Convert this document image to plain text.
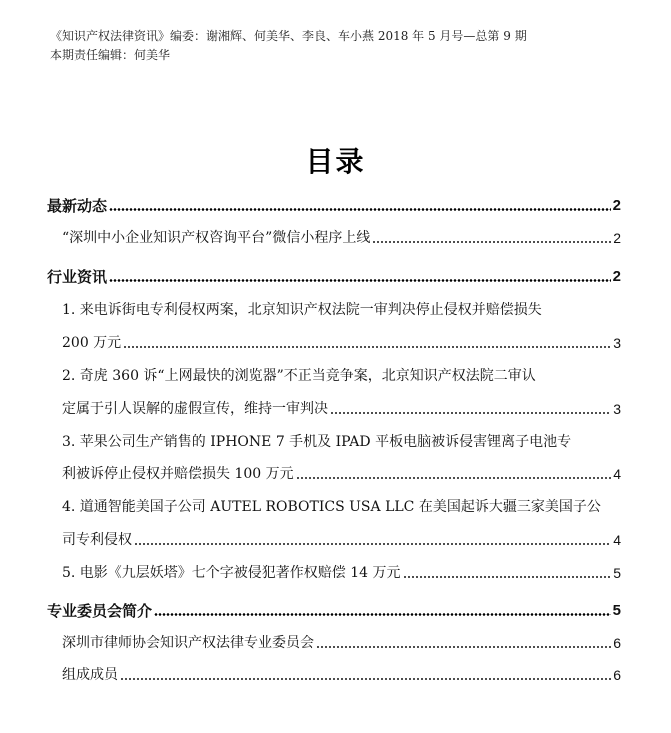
《知识产权法律资讯》编委：谢湘辉、何美华、李良、车小燕 2018 年 5 月号—总第 9 期
本期责任编辑：何美华
目录
最新动态	2
“深圳中小企业知识产权咨询平台”微信小程序上线	2
行业资讯	2
1. 来电诉街电专利侵权两案，北京知识产权法院一审判决停止侵权并赔偿损失
200 万元	3
2. 奇虎 360 诉“上网最快的浏览器”不正当竞争案，北京知识产权法院二审认
定属于引人误解的虚假宣传，维持一审判决	3
3. 苹果公司生产销售的 IPHONE 7 手机及 IPAD 平板电脑被诉侵害锂离子电池专
利被诉停止侵权并赔偿损失 100 万元	4
4. 道通智能美国子公司 AUTEL ROBOTICS USA LLC 在美国起诉大疆三家美国子公
司专利侵权	4
5. 电影《九层妖塔》七个字被侵犯著作权赔偿 14 万元	5
专业委员会简介	5
深圳市律师协会知识产权法律专业委员会	6
组成成员	6
